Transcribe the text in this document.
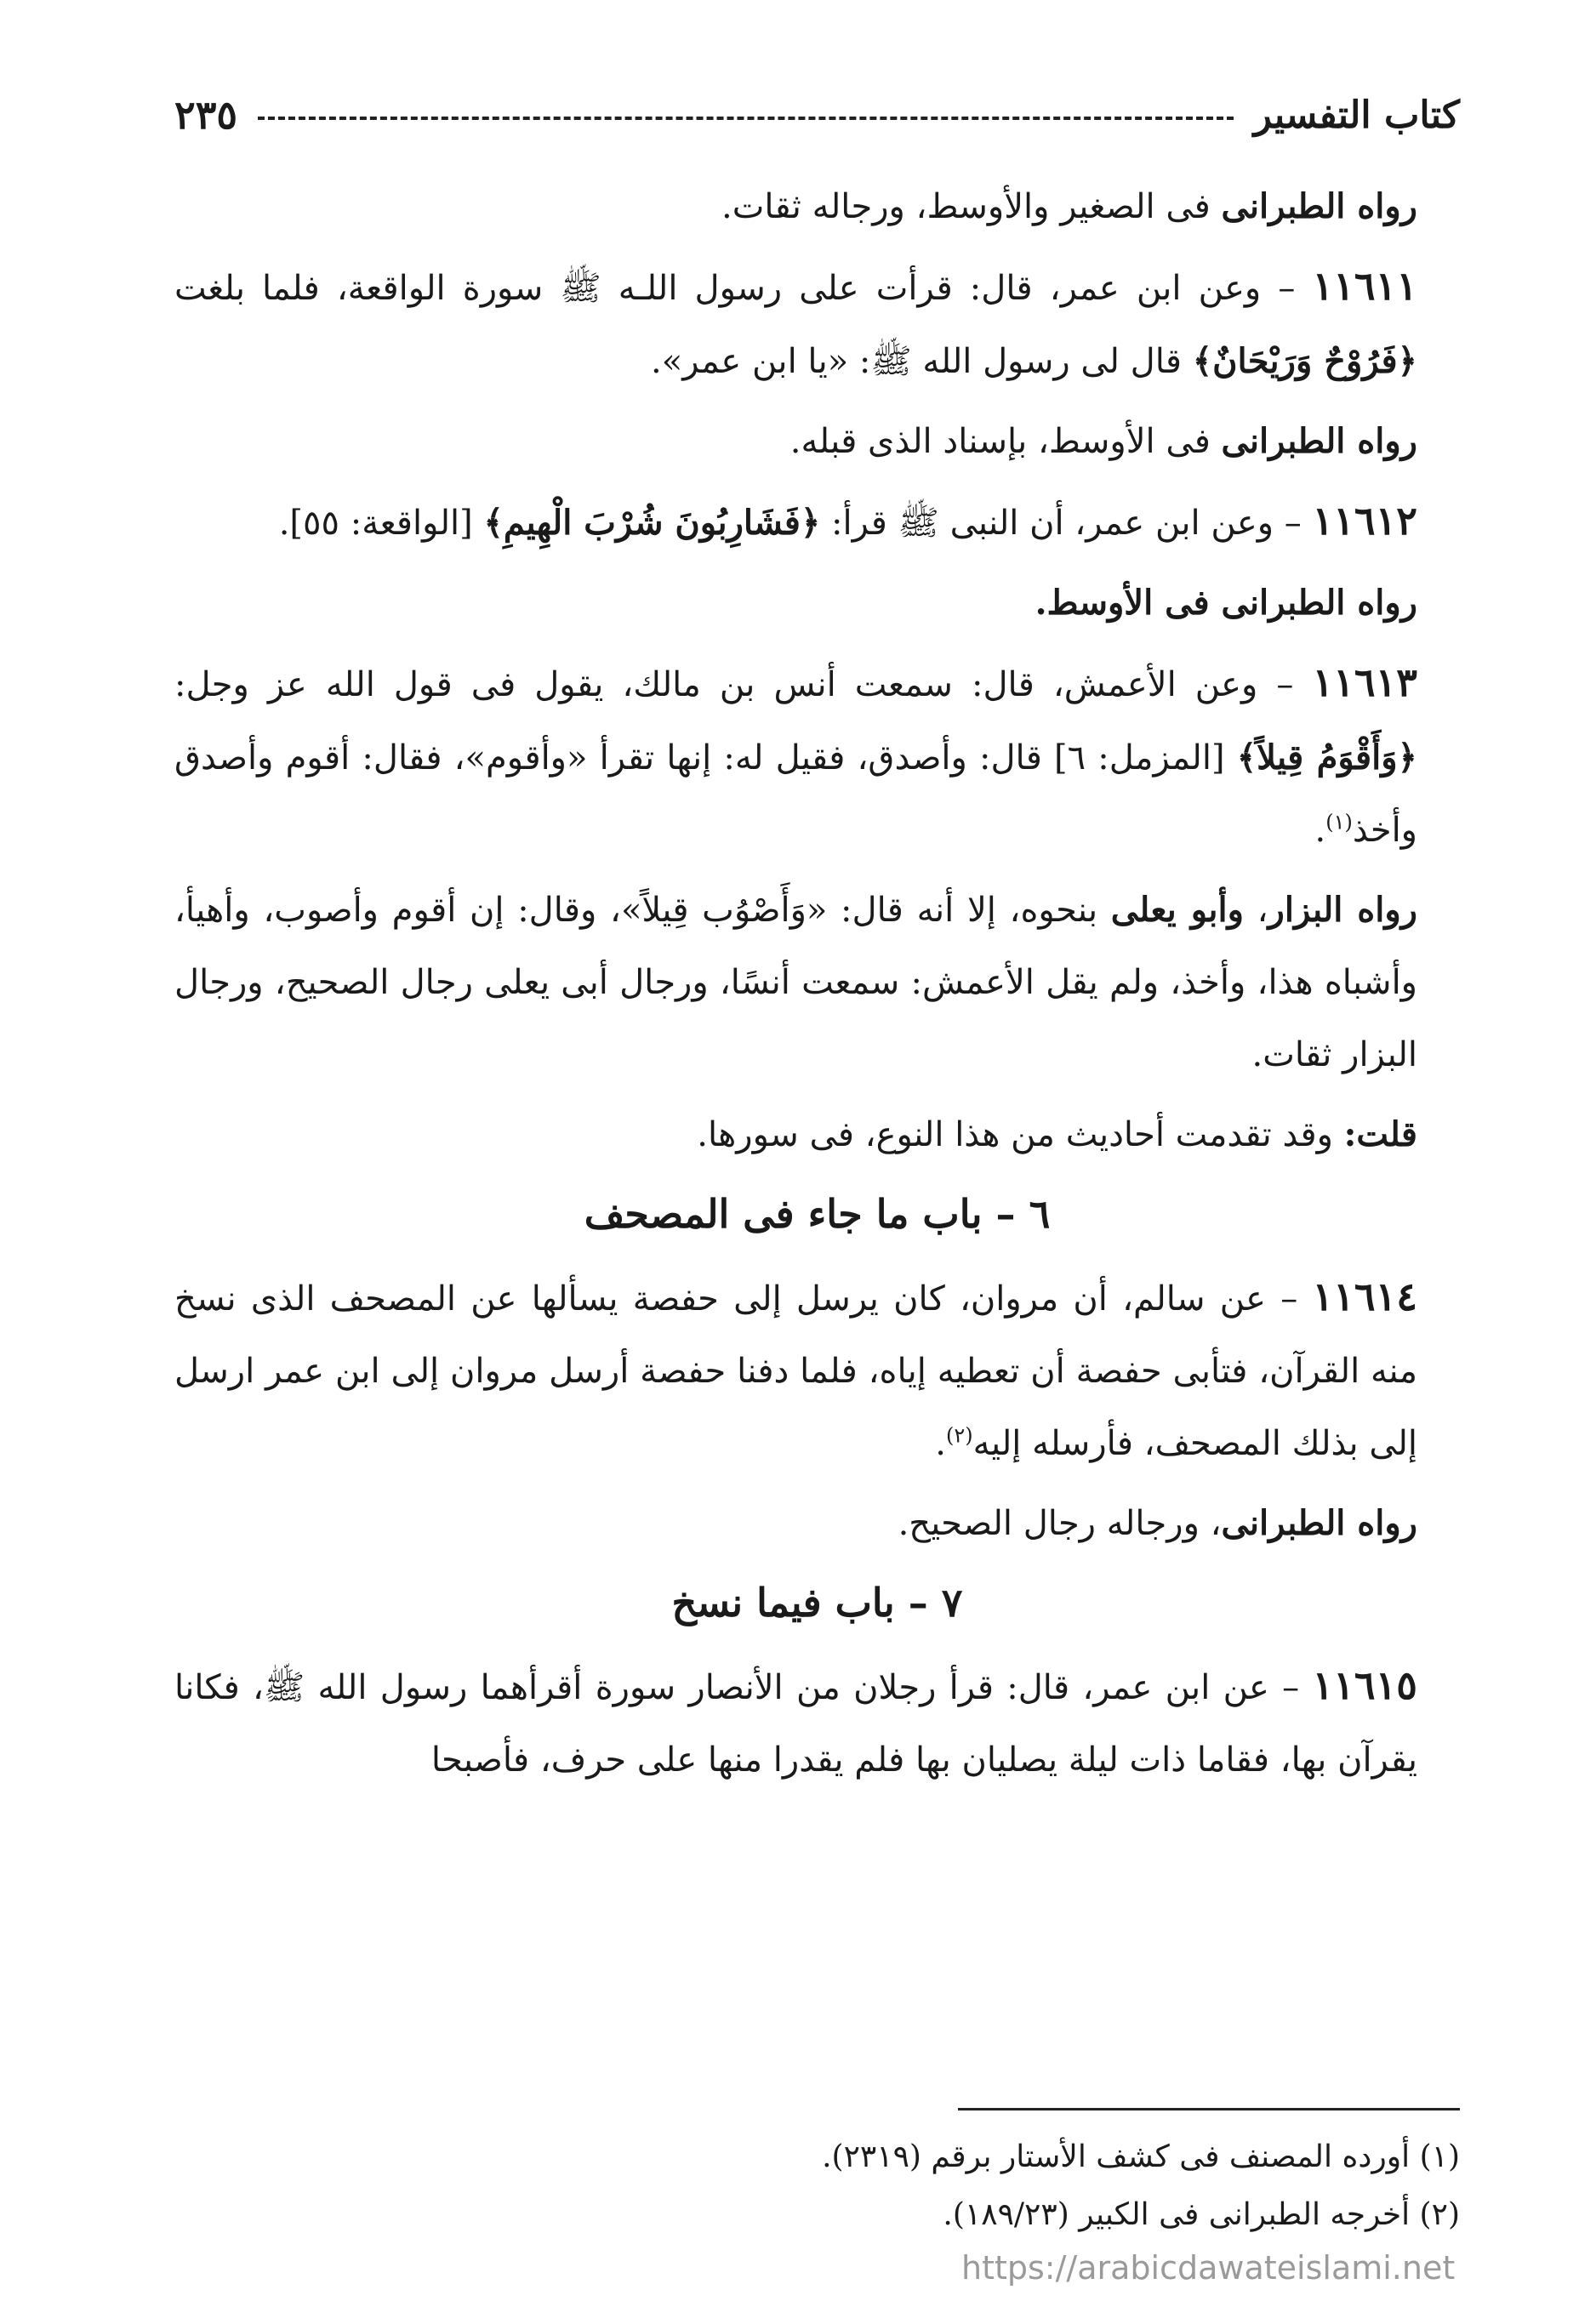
كتاب التفسير
٢٣٥

رواه الطبرانى فى الصغير والأوسط، ورجاله ثقات.

١١٦١١ – وعن ابن عمر، قال: قرأت على رسول اللـه ﷺ سورة الواقعة، فلما بلغت ﴿فَرُوْحٌ وَرَيْحَانٌ﴾ قال لى رسول الله ﷺ: «يا ابن عمر».

رواه الطبرانى فى الأوسط، بإسناد الذى قبله.

١١٦١٢ – وعن ابن عمر، أن النبى ﷺ قرأ: ﴿فَشَارِبُونَ شُرْبَ الْهِيمِ﴾ [الواقعة: ٥٥].

رواه الطبرانى فى الأوسط.

١١٦١٣ – وعن الأعمش، قال: سمعت أنس بن مالك، يقول فى قول الله عز وجل: ﴿وَأَقْوَمُ قِيلاً﴾ [المزمل: ٦] قال: وأصدق، فقيل له: إنها تقرأ «وأقوم»، فقال: أقوم وأصدق وأخذ$^{(١)}$.

رواه البزار، وأبو يعلى بنحوه، إلا أنه قال: «وَأَصْوُب قِيلاً»، وقال: إن أقوم وأصوب، وأهيأ، وأشباه هذا، وأخذ، ولم يقل الأعمش: سمعت أنسًا، ورجال أبى يعلى رجال الصحيح، ورجال البزار ثقات.

قلت: وقد تقدمت أحاديث من هذا النوع، فى سورها.

٦ – باب ما جاء فى المصحف

١١٦١٤ – عن سالم، أن مروان، كان يرسل إلى حفصة يسألها عن المصحف الذى نسخ منه القرآن، فتأبى حفصة أن تعطيه إياه، فلما دفنا حفصة أرسل مروان إلى ابن عمر ارسل إلى بذلك المصحف، فأرسله إليه$^{(٢)}$.

رواه الطبرانى، ورجاله رجال الصحيح.

٧ – باب فيما نسخ

١١٦١٥ – عن ابن عمر، قال: قرأ رجلان من الأنصار سورة أقرأهما رسول الله ﷺ، فكانا يقرآن بها، فقاما ذات ليلة يصليان بها فلم يقدرا منها على حرف، فأصبحا

(١) أورده المصنف فى كشف الأستار برقم (٢٣١٩).

(٢) أخرجه الطبرانى فى الكبير (١٨٩/٢٣).

https://arabicdawateislami.net
